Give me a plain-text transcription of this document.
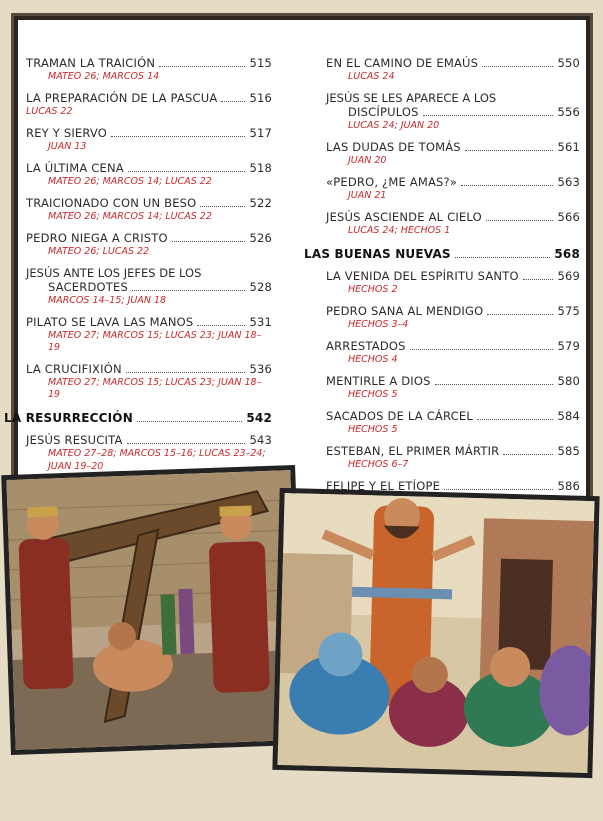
TRAMAN LA TRAICIÓN	515
MATEO 26; MARCOS 14
LA PREPARACIÓN DE LA PASCUA	516
LUCAS 22
REY Y SIERVO	517
JUAN 13
LA ÚLTIMA CENA	518
MATEO 26; MARCOS 14; LUCAS 22
TRAICIONADO CON UN BESO	522
MATEO 26; MARCOS 14; LUCAS 22
PEDRO NIEGA A CRISTO	526
MATEO 26; LUCAS 22
JESÚS ANTE LOS JEFES DE LOS
SACERDOTES	528
MARCOS 14–15; JUAN 18
PILATO SE LAVA LAS MANOS	531
MATEO 27; MARCOS 15; LUCAS 23; JUAN 18–19
LA CRUCIFIXIÓN	536
MATEO 27; MARCOS 15; LUCAS 23; JUAN 18–19
LA RESURRECCIÓN	542
JESÚS RESUCITA	543
MATEO 27–28; MARCOS 15–16; LUCAS 23–24;
JUAN 19–20
EN EL CAMINO DE EMAÚS	550
LUCAS 24
JESÚS SE LES APARECE A LOS
DISCÍPULOS	556
LUCAS 24; JUAN 20
LAS DUDAS DE TOMÁS	561
JUAN 20
«PEDRO, ¿ME AMAS?»	563
JUAN 21
JESÚS ASCIENDE AL CIELO	566
LUCAS 24; HECHOS 1
LAS BUENAS NUEVAS	568
LA VENIDA DEL ESPÍRITU SANTO	569
HECHOS 2
PEDRO SANA AL MENDIGO	575
HECHOS 3–4
ARRESTADOS	579
HECHOS 4
MENTIRLE A DIOS	580
HECHOS 5
SACADOS DE LA CÁRCEL	584
HECHOS 5
ESTEBAN, EL PRIMER MÁRTIR	585
HECHOS 6–7
FELIPE Y EL ETÍOPE	586
